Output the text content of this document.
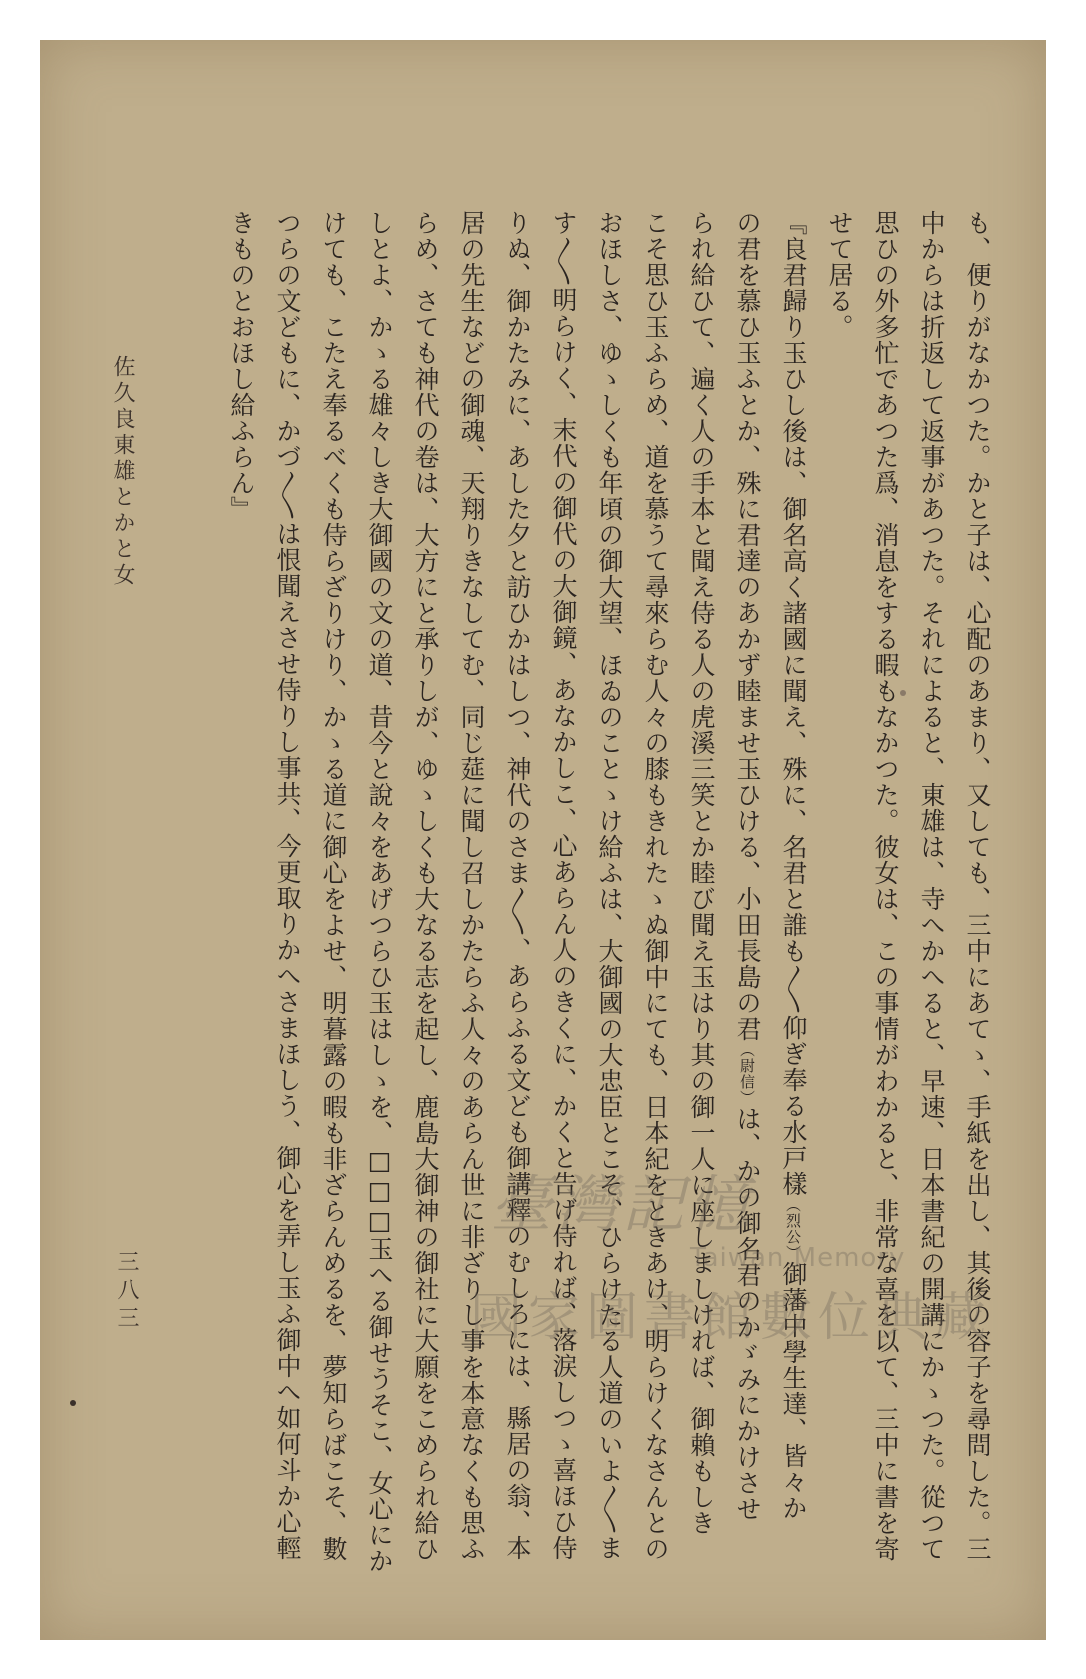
も、便りがなかつた。かと子は、心配のあまり、又しても、三中にあてゝ、手紙を出し、其後の容子を尋問した。三
中からは折返して返事があつた。それによると、東雄は、寺へかへると、早速、日本書紀の開講にかゝつた。從つて
思ひの外多忙であつた爲、消息をする暇もなかつた。彼女は、この事情がわかると、非常な喜を以て、三中に書を寄
せて居る。
『良君歸り玉ひし後は、御名高く諸國に聞え、殊に、名君と誰も〳〵仰ぎ奉る水戸樣（烈公）御藩中學生達、皆々か
の君を慕ひ玉ふとか、殊に君達のあかず睦ませ玉ひける、小田長島の君（尉信）は、かの御名君のかゞみにかけさせ
られ給ひて、遍く人の手本と聞え侍る人の虎溪三笑とか睦び聞え玉はり其の御一人に座しましければ、御賴もしき
こそ思ひ玉ふらめ、道を慕うて尋來らむ人々の膝もきれたゝぬ御中にても、日本紀をときあけ、明らけくなさんとの
おほしさ、ゆゝしくも年頃の御大望、ほゐのことゝけ給ふは、大御國の大忠臣とこそ、ひらけたる人道のいよ〳〵ま
す〳〵明らけく、末代の御代の大御鏡、あなかしこ、心あらん人のきくに、かくと告げ侍れば、落涙しつゝ喜ほひ侍
りぬ、御かたみに、あした夕と訪ひかはしつ、神代のさま〳〵、あらふる文ども御講釋のむしろには、縣居の翁、本
居の先生などの御魂、天翔りきなしてむ、同じ莚に聞し召しかたらふ人々のあらん世に非ざりし事を本意なくも思ふ
らめ、さても神代の卷は、大方にと承りしが、ゆゝしくも大なる志を起し、鹿島大御神の御社に大願をこめられ給ひ
しとよ、かゝる雄々しき大御國の文の道、昔今と說々をあげつらひ玉はしゝを、□□□玉へる御せうそこ、女心にか
けても、こたえ奉るべくも侍らざりけり、かゝる道に御心をよせ、明暮露の暇も非ざらんめるを、夢知らばこそ、數
つらの文どもに、かづ〳〵は恨聞えさせ侍りし事共、今更取りかへさまほしう、御心を弄し玉ふ御中へ如何斗か心輕
きものとおほし給ふらん』
佐久良東雄とかと女
三八三
臺灣記憶
Taiwan Memory
國家圖書館數位典藏
